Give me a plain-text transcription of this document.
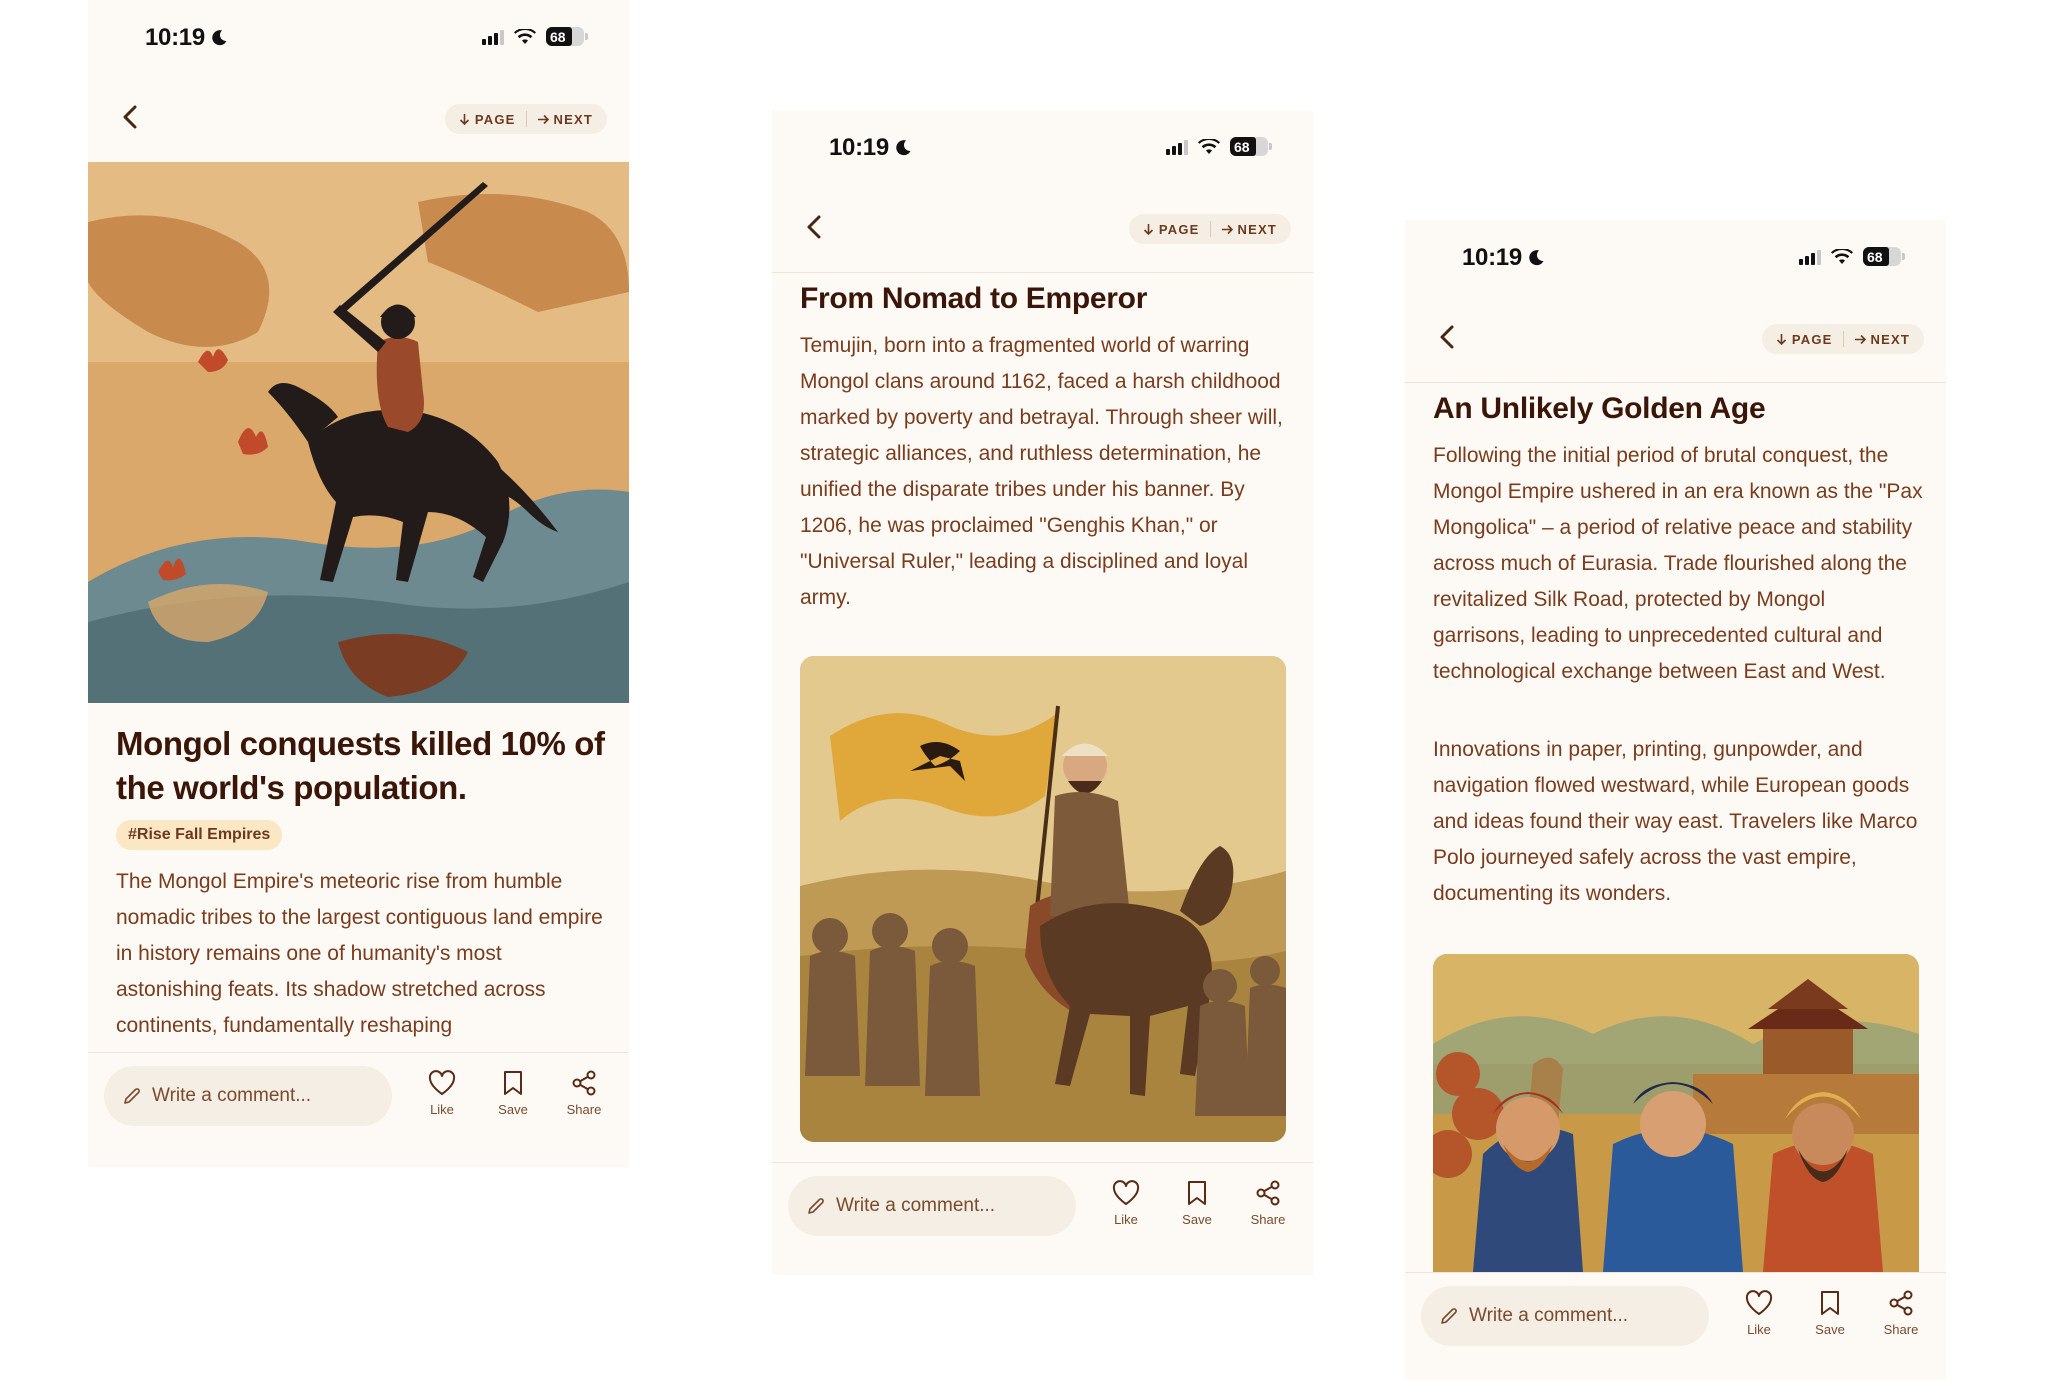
10:19	68
PAGE	NEXT
Mongol conquests killed 10% of the world's population.
#Rise Fall Empires
The Mongol Empire's meteoric rise from humble nomadic tribes to the largest contiguous land empire in history remains one of humanity's most astonishing feats. Its shadow stretched across continents, fundamentally reshaping
Write a comment...
Like	Save	Share
10:19	68
PAGE	NEXT
From Nomad to Emperor
Temujin, born into a fragmented world of warring Mongol clans around 1162, faced a harsh childhood marked by poverty and betrayal. Through sheer will, strategic alliances, and ruthless determination, he unified the disparate tribes under his banner. By 1206, he was proclaimed "Genghis Khan," or "Universal Ruler," leading a disciplined and loyal army.
Write a comment...
Like	Save	Share
10:19	68
PAGE	NEXT
An Unlikely Golden Age
Following the initial period of brutal conquest, the Mongol Empire ushered in an era known as the "Pax Mongolica" – a period of relative peace and stability across much of Eurasia. Trade flourished along the revitalized Silk Road, protected by Mongol garrisons, leading to unprecedented cultural and technological exchange between East and West.
Innovations in paper, printing, gunpowder, and navigation flowed westward, while European goods and ideas found their way east. Travelers like Marco Polo journeyed safely across the vast empire, documenting its wonders.
Write a comment...
Like	Save	Share
